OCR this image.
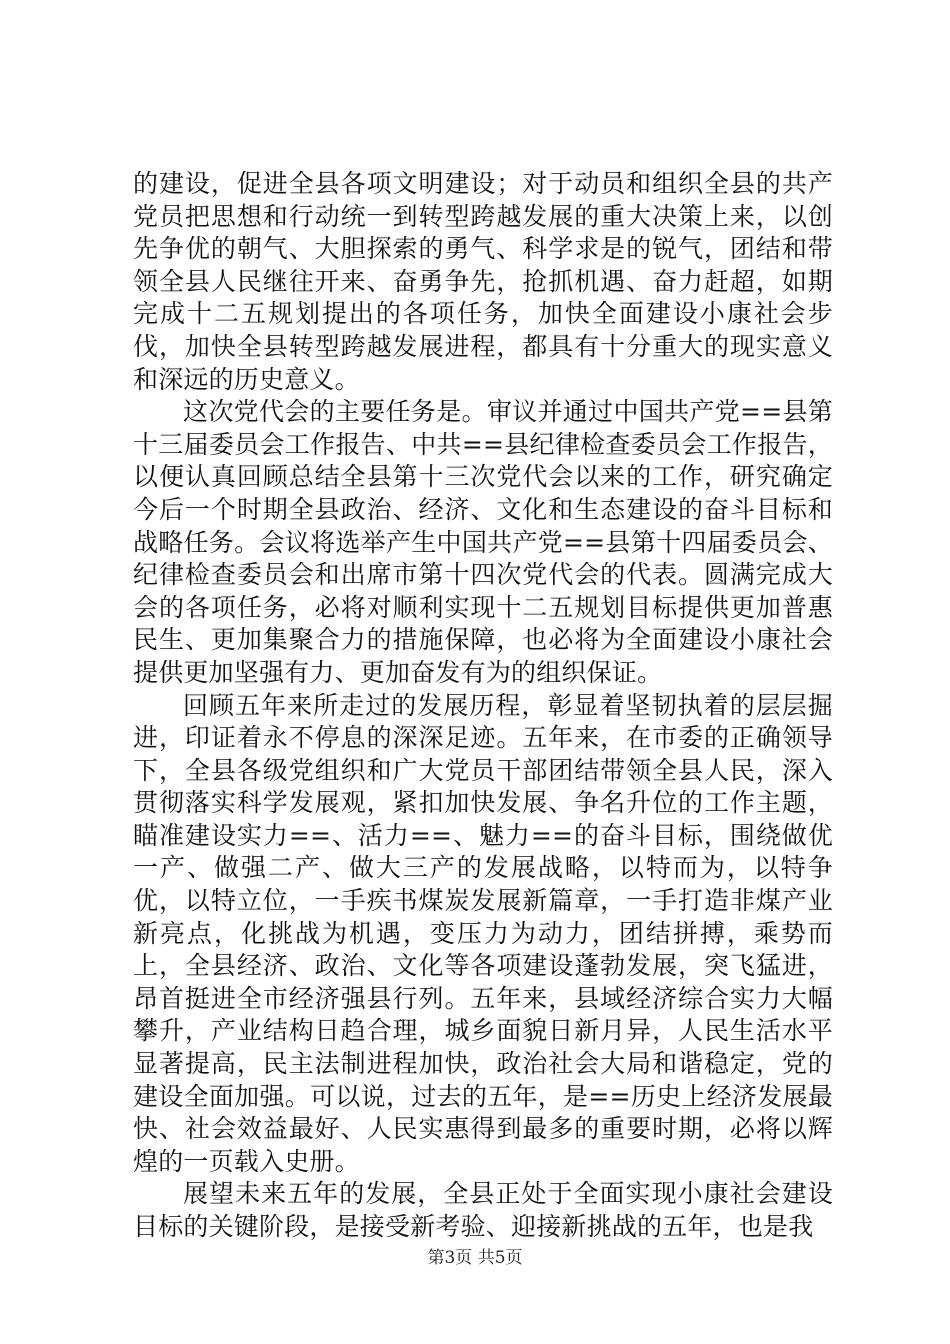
的建设，促进全县各项文明建设；对于动员和组织全县的共产党员把思想和行动统一到转型跨越发展的重大决策上来，以创先争优的朝气、大胆探索的勇气、科学求是的锐气，团结和带领全县人民继往开来、奋勇争先，抢抓机遇、奋力赶超，如期完成十二五规划提出的各项任务，加快全面建设小康社会步伐，加快全县转型跨越发展进程，都具有十分重大的现实意义和深远的历史意义。

这次党代会的主要任务是。审议并通过中国共产党==县第十三届委员会工作报告、中共==县纪律检查委员会工作报告，以便认真回顾总结全县第十三次党代会以来的工作，研究确定今后一个时期全县政治、经济、文化和生态建设的奋斗目标和战略任务。会议将选举产生中国共产党==县第十四届委员会、纪律检查委员会和出席市第十四次党代会的代表。圆满完成大会的各项任务，必将对顺利实现十二五规划目标提供更加普惠民生、更加集聚合力的措施保障，也必将为全面建设小康社会提供更加坚强有力、更加奋发有为的组织保证。

回顾五年来所走过的发展历程，彰显着坚韧执着的层层掘进，印证着永不停息的深深足迹。五年来，在市委的正确领导下，全县各级党组织和广大党员干部团结带领全县人民，深入贯彻落实科学发展观，紧扣加快发展、争名升位的工作主题，瞄准建设实力==、活力==、魅力==的奋斗目标，围绕做优一产、做强二产、做大三产的发展战略，以特而为，以特争优，以特立位，一手疾书煤炭发展新篇章，一手打造非煤产业新亮点，化挑战为机遇，变压力为动力，团结拼搏，乘势而上，全县经济、政治、文化等各项建设蓬勃发展，突飞猛进，昂首挺进全市经济强县行列。五年来，县域经济综合实力大幅攀升，产业结构日趋合理，城乡面貌日新月异，人民生活水平显著提高，民主法制进程加快，政治社会大局和谐稳定，党的建设全面加强。可以说，过去的五年，是==历史上经济发展最快、社会效益最好、人民实惠得到最多的重要时期，必将以辉煌的一页载入史册。

展望未来五年的发展，全县正处于全面实现小康社会建设目标的关键阶段，是接受新考验、迎接新挑战的五年，也是我

第3页 共5页
